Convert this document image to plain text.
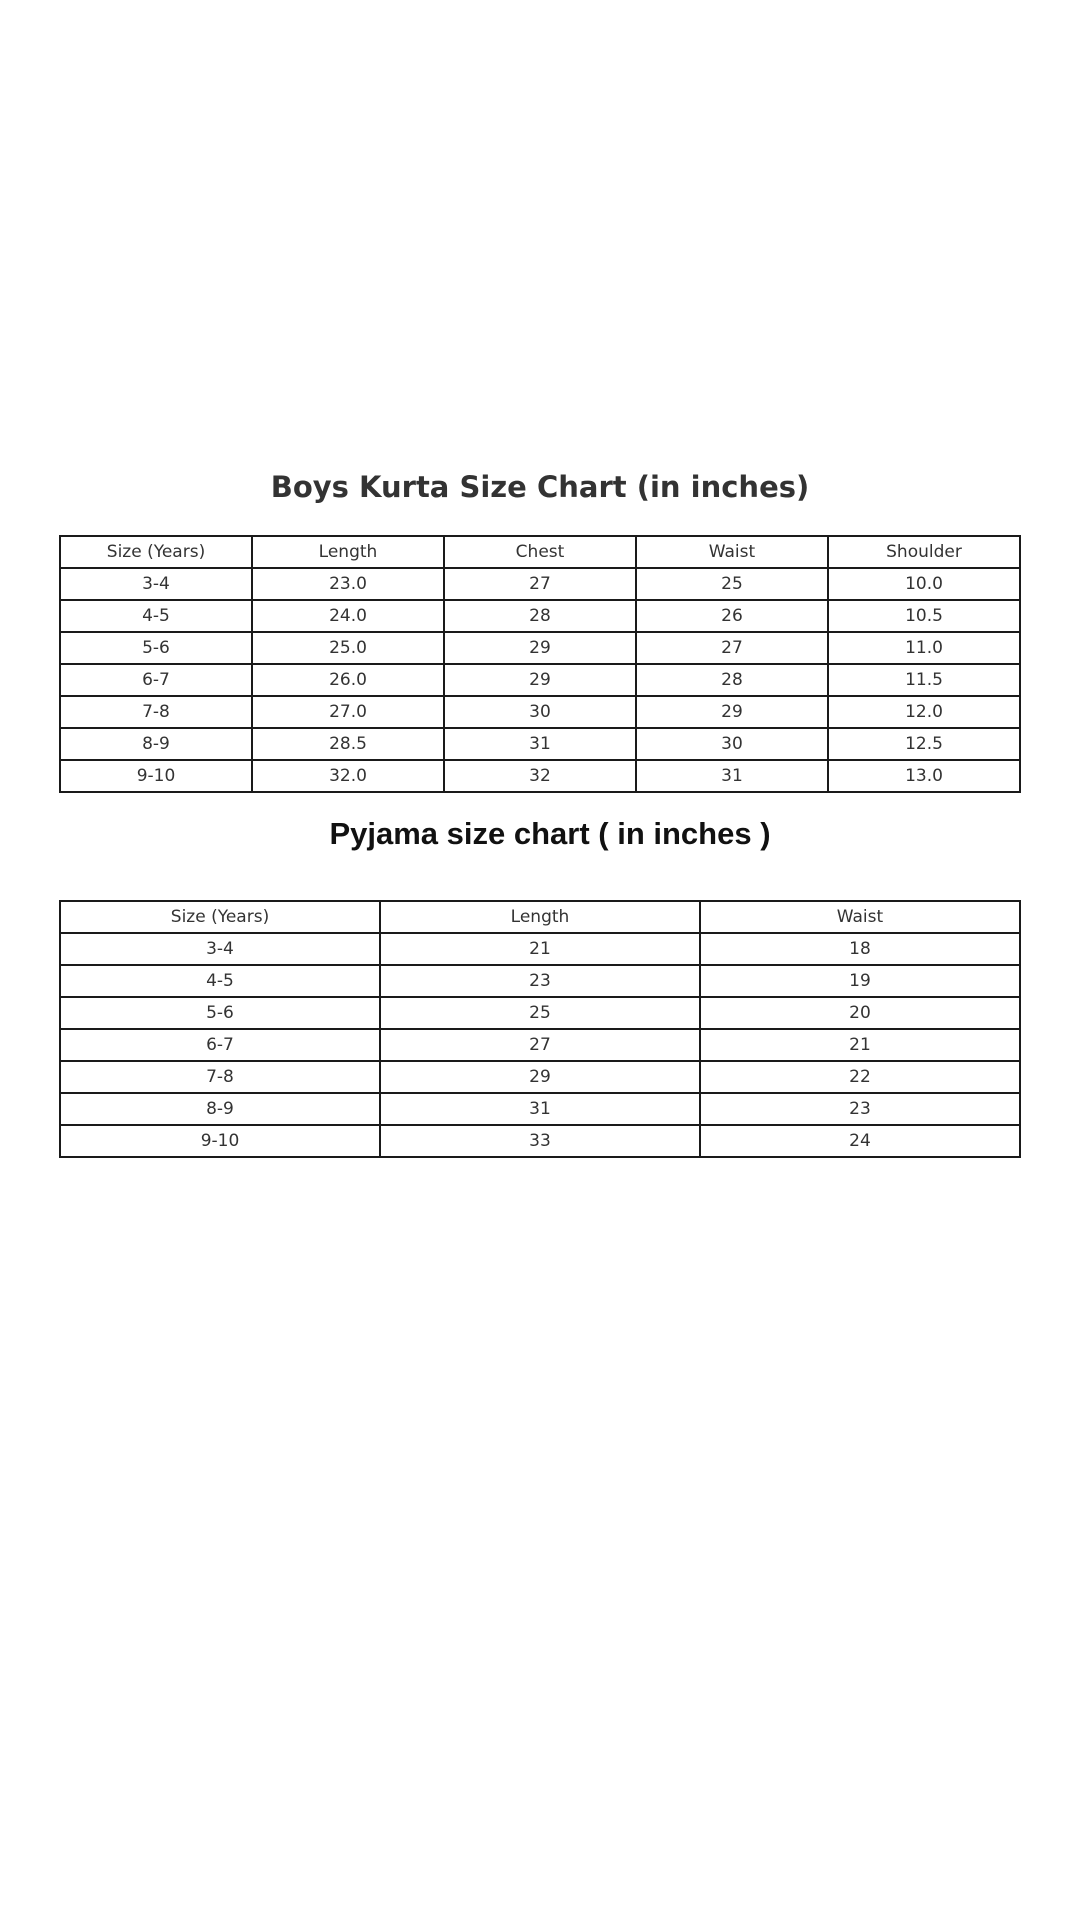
Boys Kurta Size Chart (in inches)
Size (Years)	Length	Chest	Waist	Shoulder
3-4	23.0	27	25	10.0
4-5	24.0	28	26	10.5
5-6	25.0	29	27	11.0
6-7	26.0	29	28	11.5
7-8	27.0	30	29	12.0
8-9	28.5	31	30	12.5
9-10	32.0	32	31	13.0
Pyjama size chart ( in inches )
Size (Years)	Length	Waist
3-4	21	18
4-5	23	19
5-6	25	20
6-7	27	21
7-8	29	22
8-9	31	23
9-10	33	24
